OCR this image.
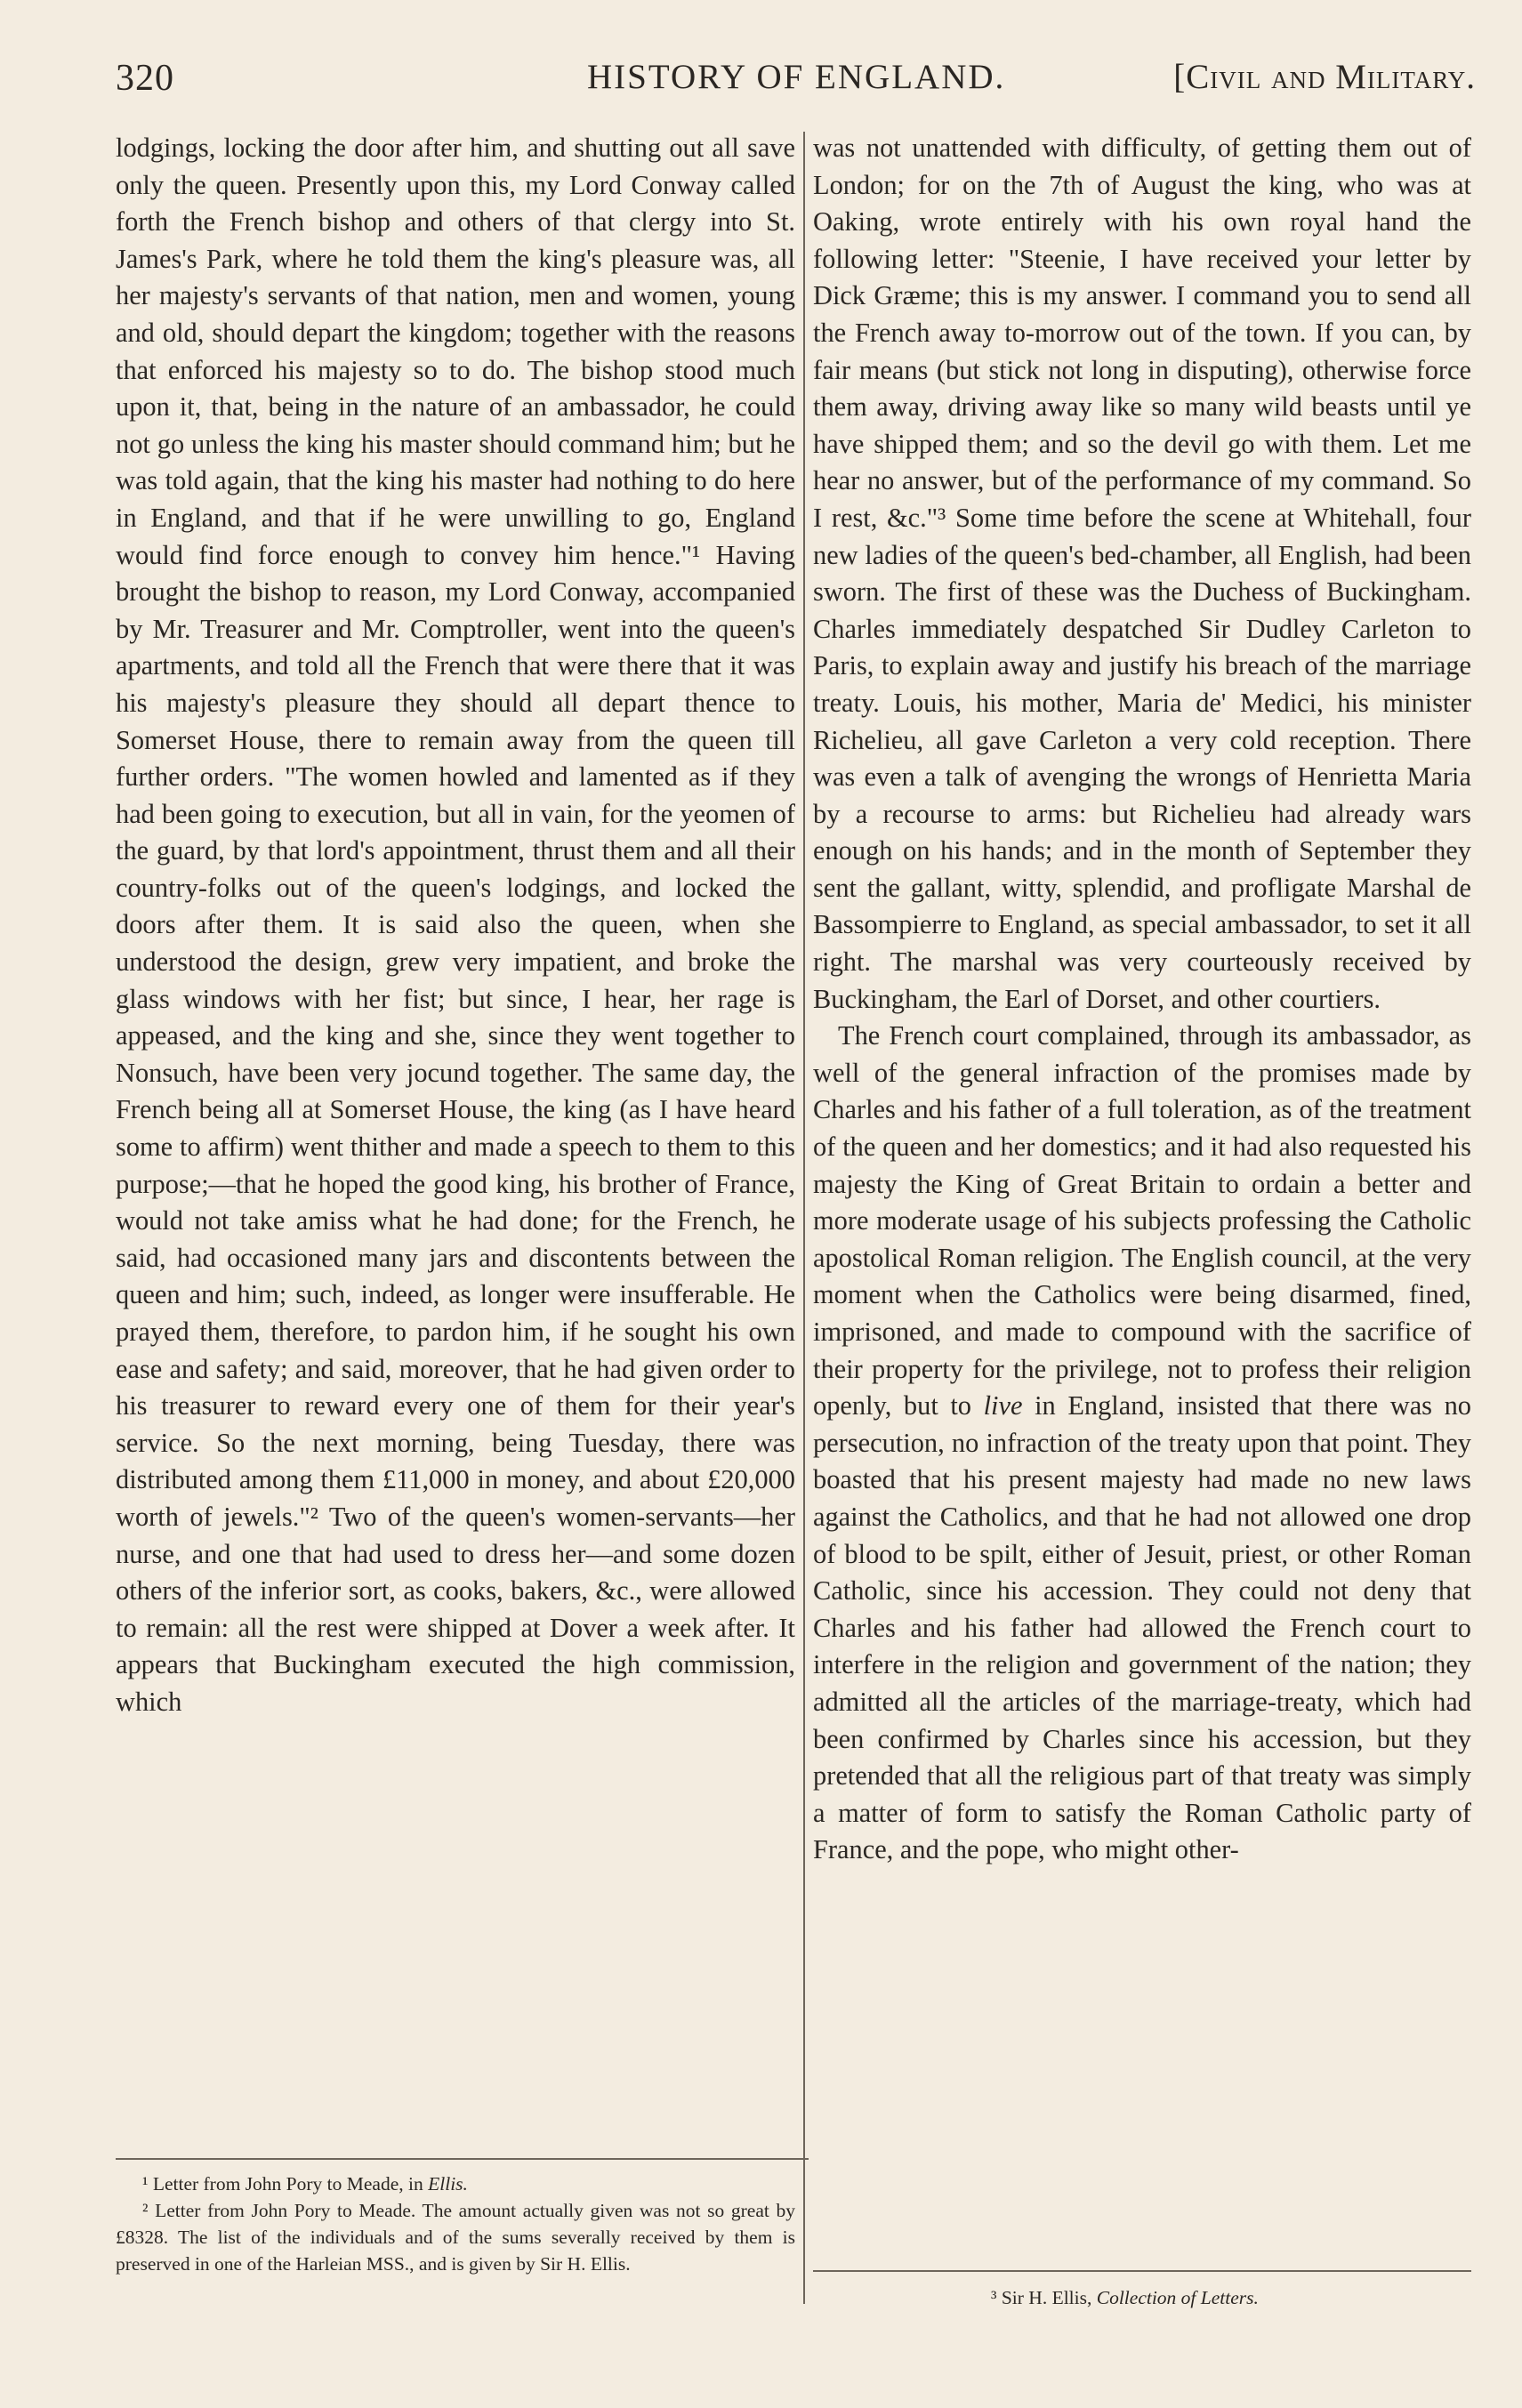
320	HISTORY OF ENGLAND.	[Civil and Military.

lodgings, locking the door after him, and shutting out all save only the queen. Presently upon this, my Lord Conway called forth the French bishop and others of that clergy into St. James's Park, where he told them the king's pleasure was, all her majesty's servants of that nation, men and women, young and old, should depart the kingdom; together with the reasons that enforced his majesty so to do. The bishop stood much upon it, that, being in the nature of an ambassador, he could not go unless the king his master should command him; but he was told again, that the king his master had nothing to do here in England, and that if he were unwilling to go, England would find force enough to convey him hence."¹ Having brought the bishop to reason, my Lord Conway, accompanied by Mr. Treasurer and Mr. Comptroller, went into the queen's apartments, and told all the French that were there that it was his majesty's pleasure they should all depart thence to Somerset House, there to remain away from the queen till further orders. "The women howled and lamented as if they had been going to execution, but all in vain, for the yeomen of the guard, by that lord's appointment, thrust them and all their country-folks out of the queen's lodgings, and locked the doors after them. It is said also the queen, when she understood the design, grew very impatient, and broke the glass windows with her fist; but since, I hear, her rage is appeased, and the king and she, since they went together to Nonsuch, have been very jocund together. The same day, the French being all at Somerset House, the king (as I have heard some to affirm) went thither and made a speech to them to this purpose;—that he hoped the good king, his brother of France, would not take amiss what he had done; for the French, he said, had occasioned many jars and discontents between the queen and him; such, indeed, as longer were insufferable. He prayed them, therefore, to pardon him, if he sought his own ease and safety; and said, moreover, that he had given order to his treasurer to reward every one of them for their year's service. So the next morning, being Tuesday, there was distributed among them £11,000 in money, and about £20,000 worth of jewels."² Two of the queen's women-servants—her nurse, and one that had used to dress her—and some dozen others of the inferior sort, as cooks, bakers, &c., were allowed to remain: all the rest were shipped at Dover a week after. It appears that Buckingham executed the high commission, which

was not unattended with difficulty, of getting them out of London; for on the 7th of August the king, who was at Oaking, wrote entirely with his own royal hand the following letter: "Steenie, I have received your letter by Dick Græme; this is my answer. I command you to send all the French away to-morrow out of the town. If you can, by fair means (but stick not long in disputing), otherwise force them away, driving away like so many wild beasts until ye have shipped them; and so the devil go with them. Let me hear no answer, but of the performance of my command. So I rest, &c."³ Some time before the scene at Whitehall, four new ladies of the queen's bed-chamber, all English, had been sworn. The first of these was the Duchess of Buckingham. Charles immediately despatched Sir Dudley Carleton to Paris, to explain away and justify his breach of the marriage treaty. Louis, his mother, Maria de' Medici, his minister Richelieu, all gave Carleton a very cold reception. There was even a talk of avenging the wrongs of Henrietta Maria by a recourse to arms: but Richelieu had already wars enough on his hands; and in the month of September they sent the gallant, witty, splendid, and profligate Marshal de Bassompierre to England, as special ambassador, to set it all right. The marshal was very courteously received by Buckingham, the Earl of Dorset, and other courtiers.

The French court complained, through its ambassador, as well of the general infraction of the promises made by Charles and his father of a full toleration, as of the treatment of the queen and her domestics; and it had also requested his majesty the King of Great Britain to ordain a better and more moderate usage of his subjects professing the Catholic apostolical Roman religion. The English council, at the very moment when the Catholics were being disarmed, fined, imprisoned, and made to compound with the sacrifice of their property for the privilege, not to profess their religion openly, but to live in England, insisted that there was no persecution, no infraction of the treaty upon that point. They boasted that his present majesty had made no new laws against the Catholics, and that he had not allowed one drop of blood to be spilt, either of Jesuit, priest, or other Roman Catholic, since his accession. They could not deny that Charles and his father had allowed the French court to interfere in the religion and government of the nation; they admitted all the articles of the marriage-treaty, which had been confirmed by Charles since his accession, but they pretended that all the religious part of that treaty was simply a matter of form to satisfy the Roman Catholic party of France, and the pope, who might other-

¹ Letter from John Pory to Meade, in Ellis.

² Letter from John Pory to Meade. The amount actually given was not so great by £8328. The list of the individuals and of the sums severally received by them is preserved in one of the Harleian MSS., and is given by Sir H. Ellis.

³ Sir H. Ellis, Collection of Letters.
